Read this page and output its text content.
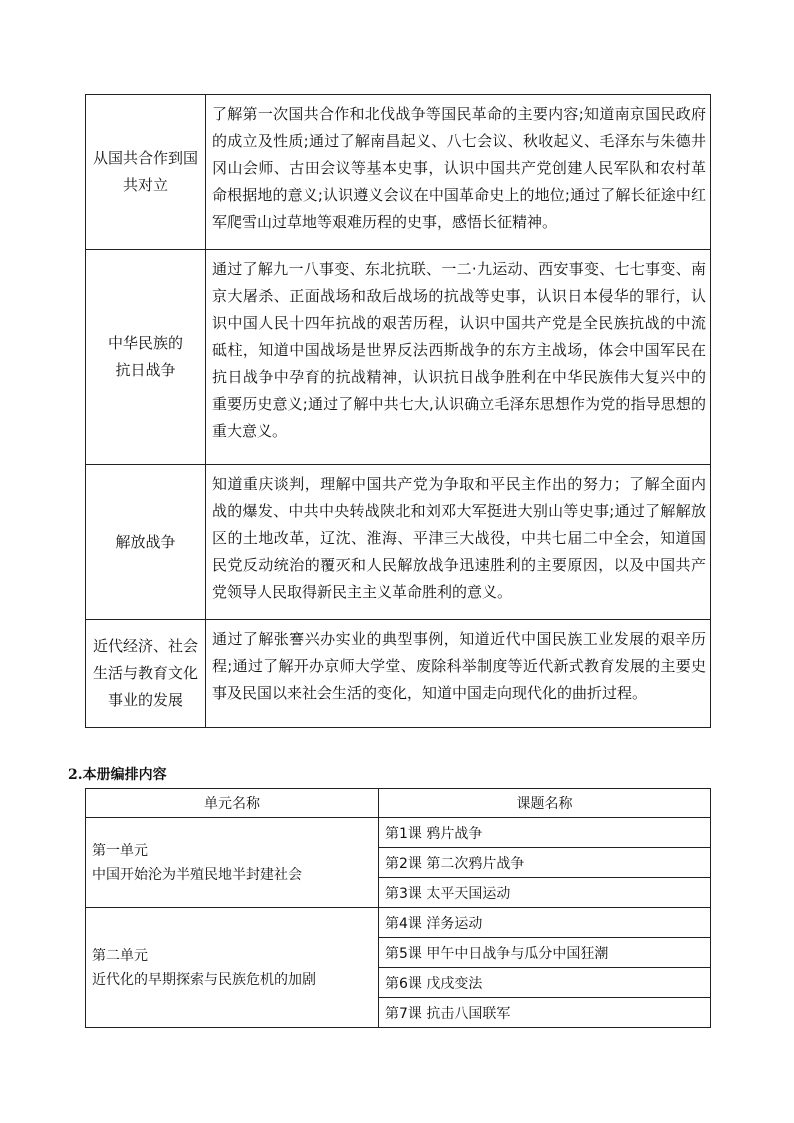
从国共合作到国共对立	了解第一次国共合作和北伐战争等国民革命的主要内容;知道南京国民政府的成立及性质;通过了解南昌起义、八七会议、秋收起义、毛泽东与朱德井冈山会师、古田会议等基本史事，认识中国共产党创建人民军队和农村革命根据地的意义;认识遵义会议在中国革命史上的地位;通过了解长征途中红军爬雪山过草地等艰难历程的史事，感悟长征精神。
中华民族的
抗日战争	通过了解九一八事变、东北抗联、一二·九运动、西安事变、七七事变、南京大屠杀、正面战场和敌后战场的抗战等史事，认识日本侵华的罪行，认识中国人民十四年抗战的艰苦历程，认识中国共产党是全民族抗战的中流砥柱，知道中国战场是世界反法西斯战争的东方主战场，体会中国军民在抗日战争中孕育的抗战精神，认识抗日战争胜利在中华民族伟大复兴中的重要历史意义;通过了解中共七大,认识确立毛泽东思想作为党的指导思想的重大意义。
解放战争	知道重庆谈判，理解中国共产党为争取和平民主作出的努力；了解全面内战的爆发、中共中央转战陕北和刘邓大军挺进大别山等史事;通过了解解放区的土地改革，辽沈、淮海、平津三大战役，中共七届二中全会，知道国民党反动统治的覆灭和人民解放战争迅速胜利的主要原因，以及中国共产党领导人民取得新民主主义革命胜利的意义。
近代经济、社会生活与教育文化事业的发展	通过了解张謇兴办实业的典型事例，知道近代中国民族工业发展的艰辛历程;通过了解开办京师大学堂、废除科举制度等近代新式教育发展的主要史事及民国以来社会生活的变化，知道中国走向现代化的曲折过程。
2.本册编排内容
单元名称	课题名称
第一单元
中国开始沦为半殖民地半封建社会	第1课 鸦片战争
	第2课 第二次鸦片战争
	第3课 太平天国运动
第二单元
近代化的早期探索与民族危机的加剧	第4课 洋务运动
	第5课 甲午中日战争与瓜分中国狂潮
	第6课 戊戌变法
	第7课 抗击八国联军
